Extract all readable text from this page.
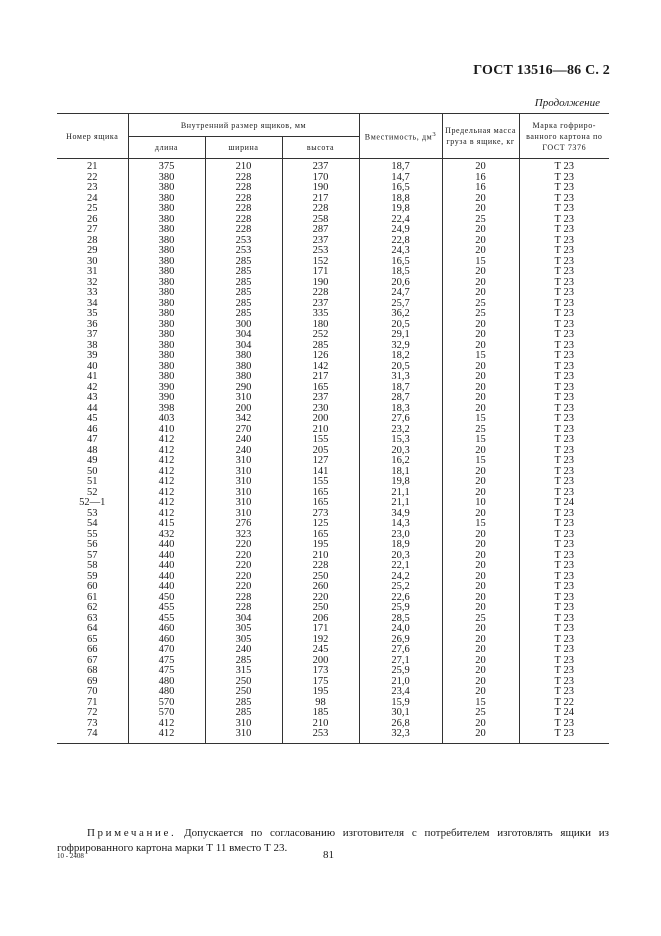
ГОСТ 13516—86 С. 2
Продолжение
Номер ящика	Внутренний размер ящиков, мм			Вместимость, $дм^3$	Предельная масса груза в ящике, кг	Марка гофриро-ванного картона по ГОСТ 7376
	длина	ширина	высота			
21	375	210	237	18,7	20	Т 23
22	380	228	170	14,7	16	Т 23
23	380	228	190	16,5	16	Т 23
24	380	228	217	18,8	20	Т 23
25	380	228	228	19,8	20	Т 23
26	380	228	258	22,4	25	Т 23
27	380	228	287	24,9	20	Т 23
28	380	253	237	22,8	20	Т 23
29	380	253	253	24,3	20	Т 23
30	380	285	152	16,5	15	Т 23
31	380	285	171	18,5	20	Т 23
32	380	285	190	20,6	20	Т 23
33	380	285	228	24,7	20	Т 23
34	380	285	237	25,7	25	Т 23
35	380	285	335	36,2	25	Т 23
36	380	300	180	20,5	20	Т 23
37	380	304	252	29,1	20	Т 23
38	380	304	285	32,9	20	Т 23
39	380	380	126	18,2	15	Т 23
40	380	380	142	20,5	20	Т 23
41	380	380	217	31,3	20	Т 23
42	390	290	165	18,7	20	Т 23
43	390	310	237	28,7	20	Т 23
44	398	200	230	18,3	20	Т 23
45	403	342	200	27,6	15	Т 23
46	410	270	210	23,2	25	Т 23
47	412	240	155	15,3	15	Т 23
48	412	240	205	20,3	20	Т 23
49	412	310	127	16,2	15	Т 23
50	412	310	141	18,1	20	Т 23
51	412	310	155	19,8	20	Т 23
52	412	310	165	21,1	20	Т 23
52—1	412	310	165	21,1	10	Т 24
53	412	310	273	34,9	20	Т 23
54	415	276	125	14,3	15	Т 23
55	432	323	165	23,0	20	Т 23
56	440	220	195	18,9	20	Т 23
57	440	220	210	20,3	20	Т 23
58	440	220	228	22,1	20	Т 23
59	440	220	250	24,2	20	Т 23
60	440	220	260	25,2	20	Т 23
61	450	228	220	22,6	20	Т 23
62	455	228	250	25,9	20	Т 23
63	455	304	206	28,5	25	Т 23
64	460	305	171	24,0	20	Т 23
65	460	305	192	26,9	20	Т 23
66	470	240	245	27,6	20	Т 23
67	475	285	200	27,1	20	Т 23
68	475	315	173	25,9	20	Т 23
69	480	250	175	21,0	20	Т 23
70	480	250	195	23,4	20	Т 23
71	570	285	98	15,9	15	Т 22
72	570	285	185	30,1	25	Т 24
73	412	310	210	26,8	20	Т 23
74	412	310	253	32,3	20	Т 23

Примечание. Допускается по согласованию изготовителя с потребителем изготовлять ящики из гофрированного картона марки Т 11 вместо Т 23.

10 - 2408	81
